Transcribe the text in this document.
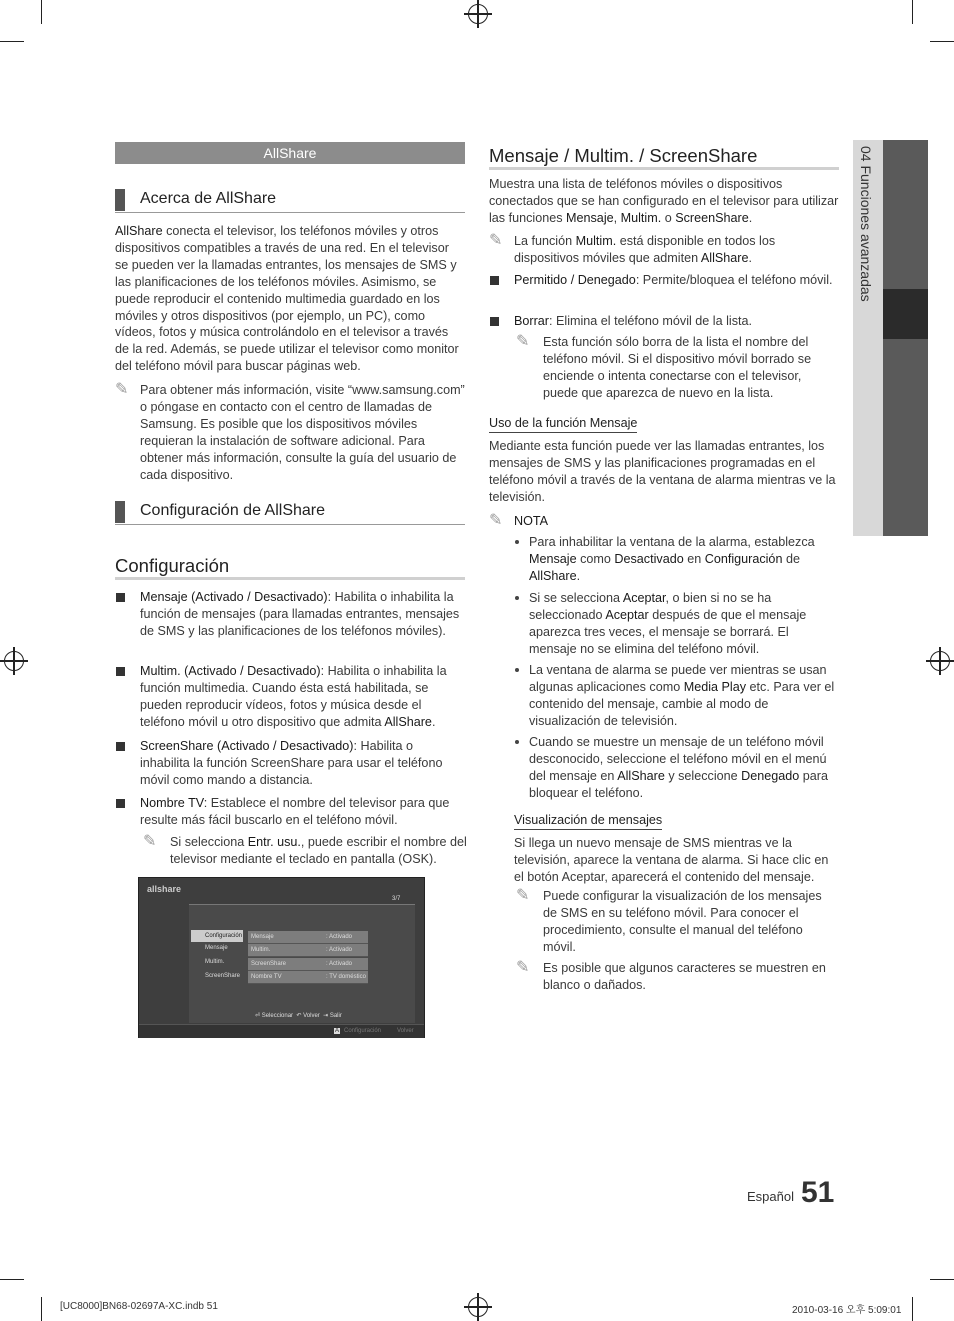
AllShare
Acerca de AllShare

AllShare conecta el televisor, los teléfonos móviles y otros dispositivos compatibles a través de una red. En el televisor se pueden ver la llamadas entrantes, los mensajes de SMS y las planificaciones de los teléfonos móviles. Asimismo, se puede reproducir el contenido multimedia guardado en los móviles y otros dispositivos (por ejemplo, un PC), como vídeos, fotos y música controlándolo en el televisor a través de la red. Además, se puede utilizar el televisor como monitor del teléfono móvil para buscar páginas web.

✎ Para obtener más información, visite “www.samsung.com” o póngase en contacto con el centro de llamadas de Samsung. Es posible que los dispositivos móviles requieran la instalación de software adicional. Para obtener más información, consulte la guía del usuario de cada dispositivo.

Configuración de AllShare
Configuración

Mensaje (Activado / Desactivado): Habilita o inhabilita la función de mensajes (para llamadas entrantes, mensajes de SMS y las planificaciones de los teléfonos móviles).

Multim. (Activado / Desactivado): Habilita o inhabilita la función multimedia. Cuando ésta está habilitada, se pueden reproducir vídeos, fotos y música desde el teléfono móvil u otro dispositivo que admita AllShare.

ScreenShare (Activado / Desactivado): Habilita o inhabilita la función ScreenShare para usar el teléfono móvil como mando a distancia.

Nombre TV: Establece el nombre del televisor para que resulte más fácil buscarlo en el teléfono móvil.

✎ Si selecciona Entr. usu., puede escribir el nombre del televisor mediante el teclado en pantalla (OSK).

allshare
3/7
Configuración
Mensaje
Multim.
ScreenShare
Mensaje	: Activado
Multim.	: Activado
ScreenShare	: Activado
Nombre TV	: TV doméstico
⏎ Seleccionar ↶ Volver ⇥ Salir
A Configuración	Volver
Mensaje / Multim. / ScreenShare

Muestra una lista de teléfonos móviles o dispositivos conectados que se han configurado en el televisor para utilizar las funciones Mensaje, Multim. o ScreenShare.

✎ La función Multim. está disponible en todos los dispositivos móviles que admiten AllShare.

Permitido / Denegado: Permite/bloquea el teléfono móvil.

Borrar: Elimina el teléfono móvil de la lista.

✎ Esta función sólo borra de la lista el nombre del teléfono móvil. Si el dispositivo móvil borrado se enciende o intenta conectarse con el televisor, puede que aparezca de nuevo en la lista.

Uso de la función Mensaje

Mediante esta función puede ver las llamadas entrantes, los mensajes de SMS y las planificaciones programadas en el teléfono móvil a través de la ventana de alarma mientras ve la televisión.

✎ NOTA

Para inhabilitar la ventana de la alarma, establezca Mensaje como Desactivado en Configuración de AllShare.

Si se selecciona Aceptar, o bien si no se ha seleccionado Aceptar después de que el mensaje aparezca tres veces, el mensaje se borrará. El mensaje no se elimina del teléfono móvil.

La ventana de alarma se puede ver mientras se usan algunas aplicaciones como Media Play etc. Para ver el contenido del mensaje, cambie al modo de visualización de televisión.

Cuando se muestre un mensaje de un teléfono móvil desconocido, seleccione el teléfono móvil en el menú del mensaje en AllShare y seleccione Denegado para bloquear el teléfono.

Visualización de mensajes

Si llega un nuevo mensaje de SMS mientras ve la televisión, aparece la ventana de alarma. Si hace clic en el botón Aceptar, aparecerá el contenido del mensaje.

✎ Puede configurar la visualización de los mensajes de SMS en su teléfono móvil. Para conocer el procedimiento, consulte el manual del teléfono móvil.

✎ Es posible que algunos caracteres se muestren en blanco o dañados.

04 Funciones avanzadas
Español 51
[UC8000]BN68-02697A-XC.indb 51	2010-03-16 오후 5:09:01
